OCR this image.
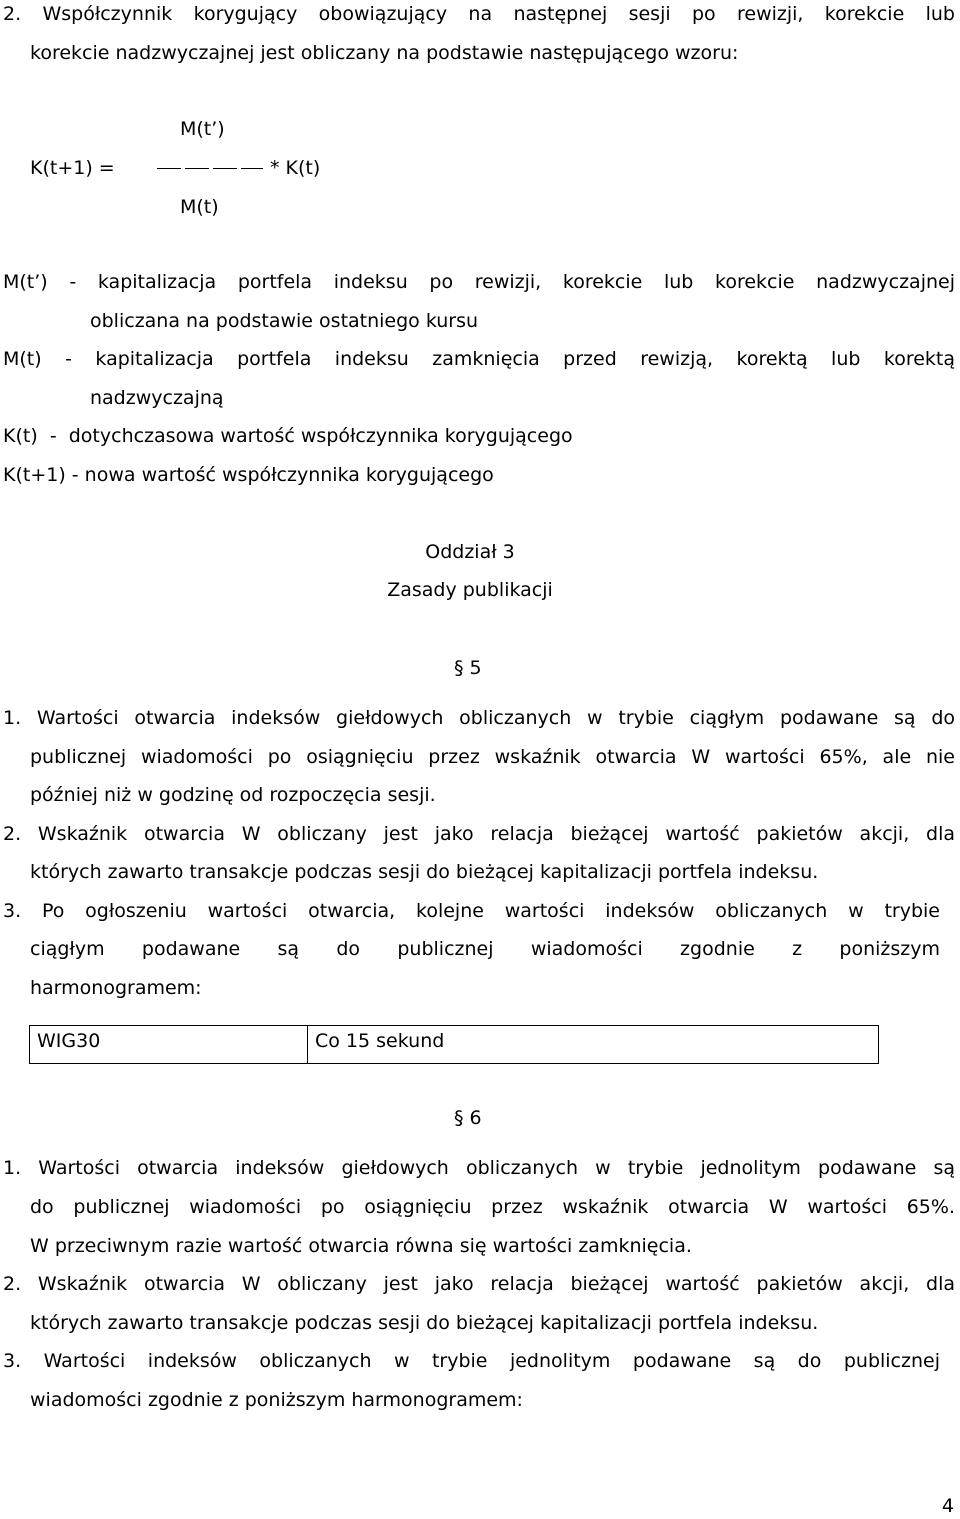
2. Współczynnik korygujący obowiązujący na następnej sesji po rewizji, korekcie lub
korekcie nadzwyczajnej jest obliczany na podstawie następującego wzoru:
M(t’)
K(t+1) =	* K(t)
M(t)
M(t’) - kapitalizacja portfela indeksu po rewizji, korekcie lub korekcie nadzwyczajnej
obliczana na podstawie ostatniego kursu
M(t) - kapitalizacja portfela indeksu zamknięcia przed rewizją, korektą lub korektą
nadzwyczajną
K(t)  -  dotychczasowa wartość współczynnika korygującego
K(t+1) - nowa wartość współczynnika korygującego
Oddział 3
Zasady publikacji
§ 5
1. Wartości otwarcia indeksów giełdowych obliczanych w trybie ciągłym podawane są do
publicznej wiadomości po osiągnięciu przez wskaźnik otwarcia W wartości 65%, ale nie
później niż w godzinę od rozpoczęcia sesji.
2. Wskaźnik otwarcia W obliczany jest jako relacja bieżącej wartość pakietów akcji, dla
których zawarto transakcje podczas sesji do bieżącej kapitalizacji portfela indeksu.
3. Po ogłoszeniu wartości otwarcia, kolejne wartości indeksów obliczanych w trybie
ciągłym podawane są do publicznej wiadomości zgodnie z poniższym
harmonogramem:
WIG30	Co 15 sekund
§ 6
1. Wartości otwarcia indeksów giełdowych obliczanych w trybie jednolitym podawane są
do publicznej wiadomości po osiągnięciu przez wskaźnik otwarcia W wartości 65%.
W przeciwnym razie wartość otwarcia równa się wartości zamknięcia.
2. Wskaźnik otwarcia W obliczany jest jako relacja bieżącej wartość pakietów akcji, dla
których zawarto transakcje podczas sesji do bieżącej kapitalizacji portfela indeksu.
3. Wartości indeksów obliczanych w trybie jednolitym podawane są do publicznej
wiadomości zgodnie z poniższym harmonogramem:
4
